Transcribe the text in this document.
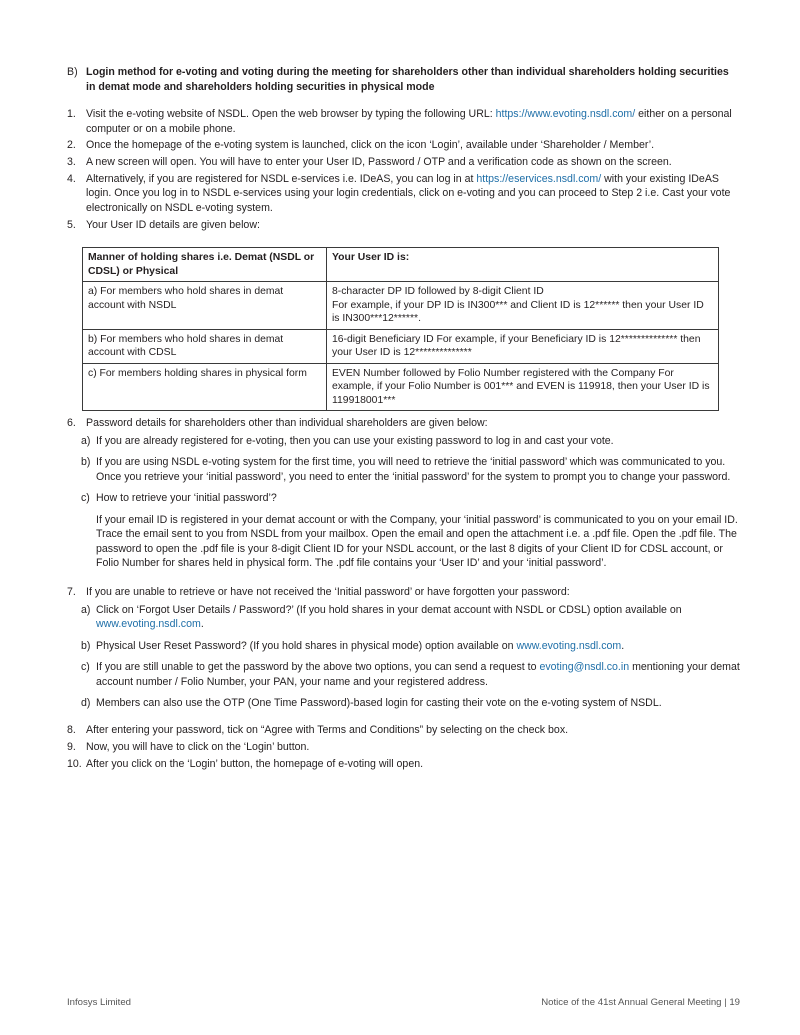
B) Login method for e-voting and voting during the meeting for shareholders other than individual shareholders holding securities in demat mode and shareholders holding securities in physical mode
1. Visit the e-voting website of NSDL. Open the web browser by typing the following URL: https://www.evoting.nsdl.com/ either on a personal computer or on a mobile phone.
2. Once the homepage of the e-voting system is launched, click on the icon ‘Login’, available under ‘Shareholder / Member’.
3. A new screen will open. You will have to enter your User ID, Password / OTP and a verification code as shown on the screen.
4. Alternatively, if you are registered for NSDL e-services i.e. IDeAS, you can log in at https://eservices.nsdl.com/ with your existing IDeAS login. Once you log in to NSDL e-services using your login credentials, click on e-voting and you can proceed to Step 2 i.e. Cast your vote electronically on NSDL e-voting system.
5. Your User ID details are given below:
Manner of holding shares i.e. Demat (NSDL or CDSL) or Physical	Your User ID is:
a) For members who hold shares in demat account with NSDL	8-character DP ID followed by 8-digit Client ID
For example, if your DP ID is IN300*** and Client ID is 12****** then your User ID is IN300***12******.

b) For members who hold shares in demat account with CDSL	16-digit Beneficiary ID For example, if your Beneficiary ID is 12************** then your User ID is 12**************
c) For members holding shares in physical form	EVEN Number followed by Folio Number registered with the Company For example, if your Folio Number is 001*** and EVEN is 119918, then your User ID is 119918001***
6. Password details for shareholders other than individual shareholders are given below:
a) If you are already registered for e-voting, then you can use your existing password to log in and cast your vote.
b) If you are using NSDL e-voting system for the first time, you will need to retrieve the ‘initial password’ which was communicated to you. Once you retrieve your ‘initial password’, you need to enter the ‘initial password’ for the system to prompt you to change your password.
c) How to retrieve your ‘initial password’?
If your email ID is registered in your demat account or with the Company, your ‘initial password’ is communicated to you on your email ID. Trace the email sent to you from NSDL from your mailbox. Open the email and open the attachment i.e. a .pdf file. Open the .pdf file. The password to open the .pdf file is your 8-digit Client ID for your NSDL account, or the last 8 digits of your Client ID for CDSL account, or Folio Number for shares held in physical form. The .pdf file contains your ‘User ID’ and your ‘initial password’.
7. If you are unable to retrieve or have not received the ‘Initial password’ or have forgotten your password:
a) Click on ‘Forgot User Details / Password?’ (If you hold shares in your demat account with NSDL or CDSL) option available on www.evoting.nsdl.com.
b) Physical User Reset Password? (If you hold shares in physical mode) option available on www.evoting.nsdl.com.
c) If you are still unable to get the password by the above two options, you can send a request to evoting@nsdl.co.in mentioning your demat account number / Folio Number, your PAN, your name and your registered address.
d) Members can also use the OTP (One Time Password)-based login for casting their vote on the e-voting system of NSDL.
8. After entering your password, tick on “Agree with Terms and Conditions” by selecting on the check box.
9. Now, you will have to click on the ‘Login’ button.
10. After you click on the ‘Login’ button, the homepage of e-voting will open.
Infosys Limited	Notice of the 41st Annual General Meeting | 19
